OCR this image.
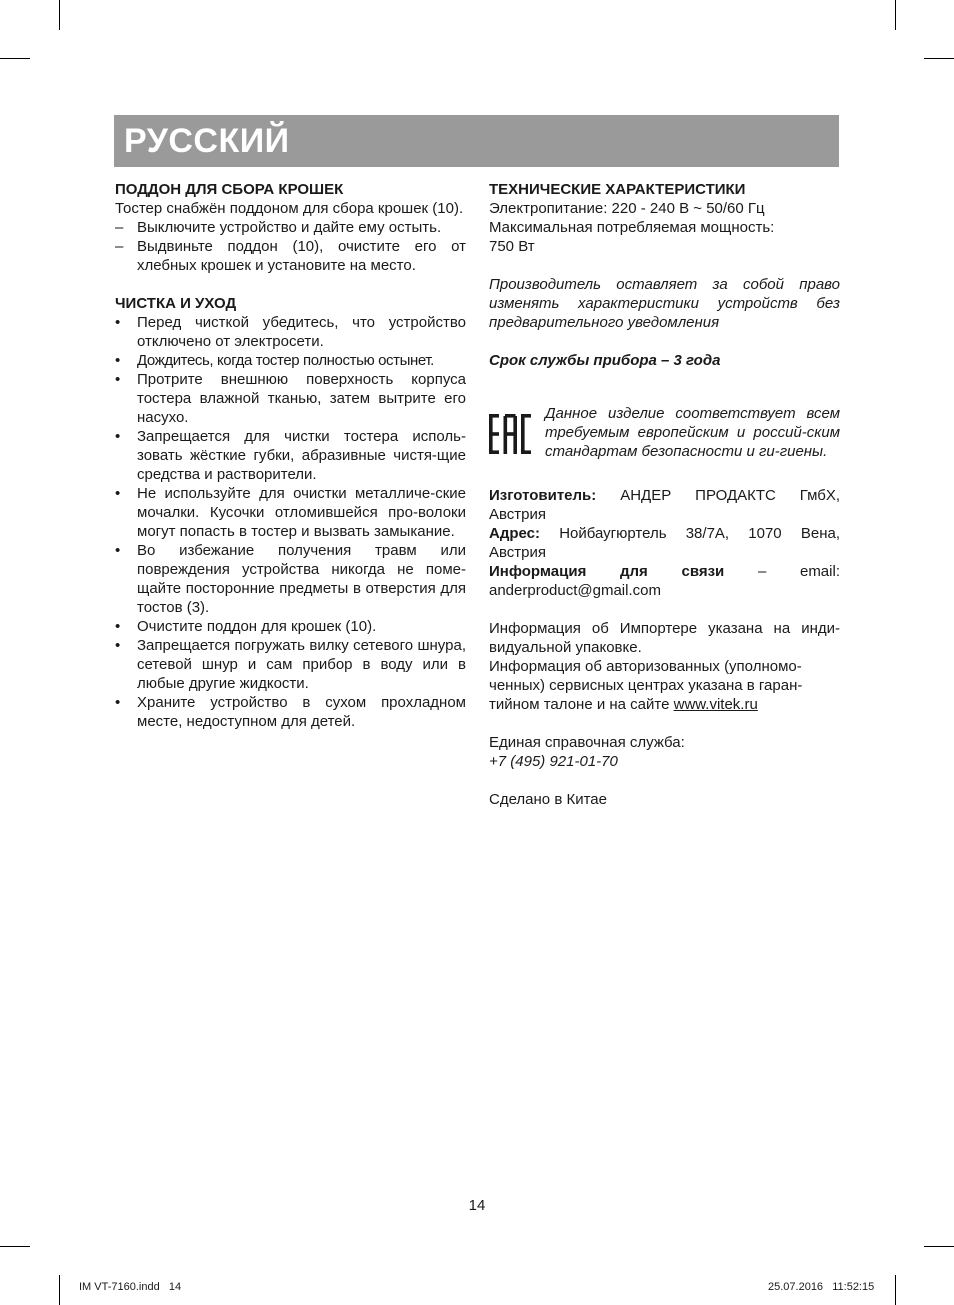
РУССКИЙ

ПОДДОН ДЛЯ СБОРА КРОШЕК

Тостер снабжён поддоном для сбора крошек (10).

– Выключите устройство и дайте ему остыть.
– Выдвиньте поддон (10), очистите его от хлебных крошек и установите на место.

ЧИСТКА И УХОД

• Перед чисткой убедитесь, что устройство отключено от электросети.
• Дождитесь, когда тостер полностью остынет.
• Протрите внешнюю поверхность корпуса тостера влажной тканью, затем вытрите его насухо.
• Запрещается для чистки тостера исполь-зовать жёсткие губки, абразивные чистя-щие средства и растворители.
• Не используйте для очистки металличе-ские мочалки. Кусочки отломившейся про-волоки могут попасть в тостер и вызвать замыкание.
• Во избежание получения травм или повреждения устройства никогда не поме-щайте посторонние предметы в отверстия для тостов (3).
• Очистите поддон для крошек (10).
• Запрещается погружать вилку сетевого шнура, сетевой шнур и сам прибор в воду или в любые другие жидкости.
• Храните устройство в сухом прохладном месте, недоступном для детей.

ТЕХНИЧЕСКИЕ ХАРАКТЕРИСТИКИ

Электропитание: 220 - 240 В ~ 50/60 Гц

Максимальная потребляемая мощность:

750 Вт

Производитель оставляет за собой право изменять характеристики устройств без предварительного уведомления

Срок службы прибора – 3 года

Данное изделие соответствует всем требуемым европейским и россий-ским стандартам безопасности и ги-гиены.

Изготовитель: АНДЕР ПРОДАКТС ГмбХ, Австрия

Адрес: Нойбаугюртель 38/7А, 1070 Вена, Австрия

Информация для связи – email: anderproduct@gmail.com

Информация об Импортере указана на инди-видуальной упаковке.

Информация об авторизованных (уполномо-ченных) сервисных центрах указана в гаран-тийном талоне и на сайте www.vitek.ru

Единая справочная служба:

+7 (495) 921-01-70

Сделано в Китае

14
IM VT-7160.indd   14	25.07.2016   11:52:15
